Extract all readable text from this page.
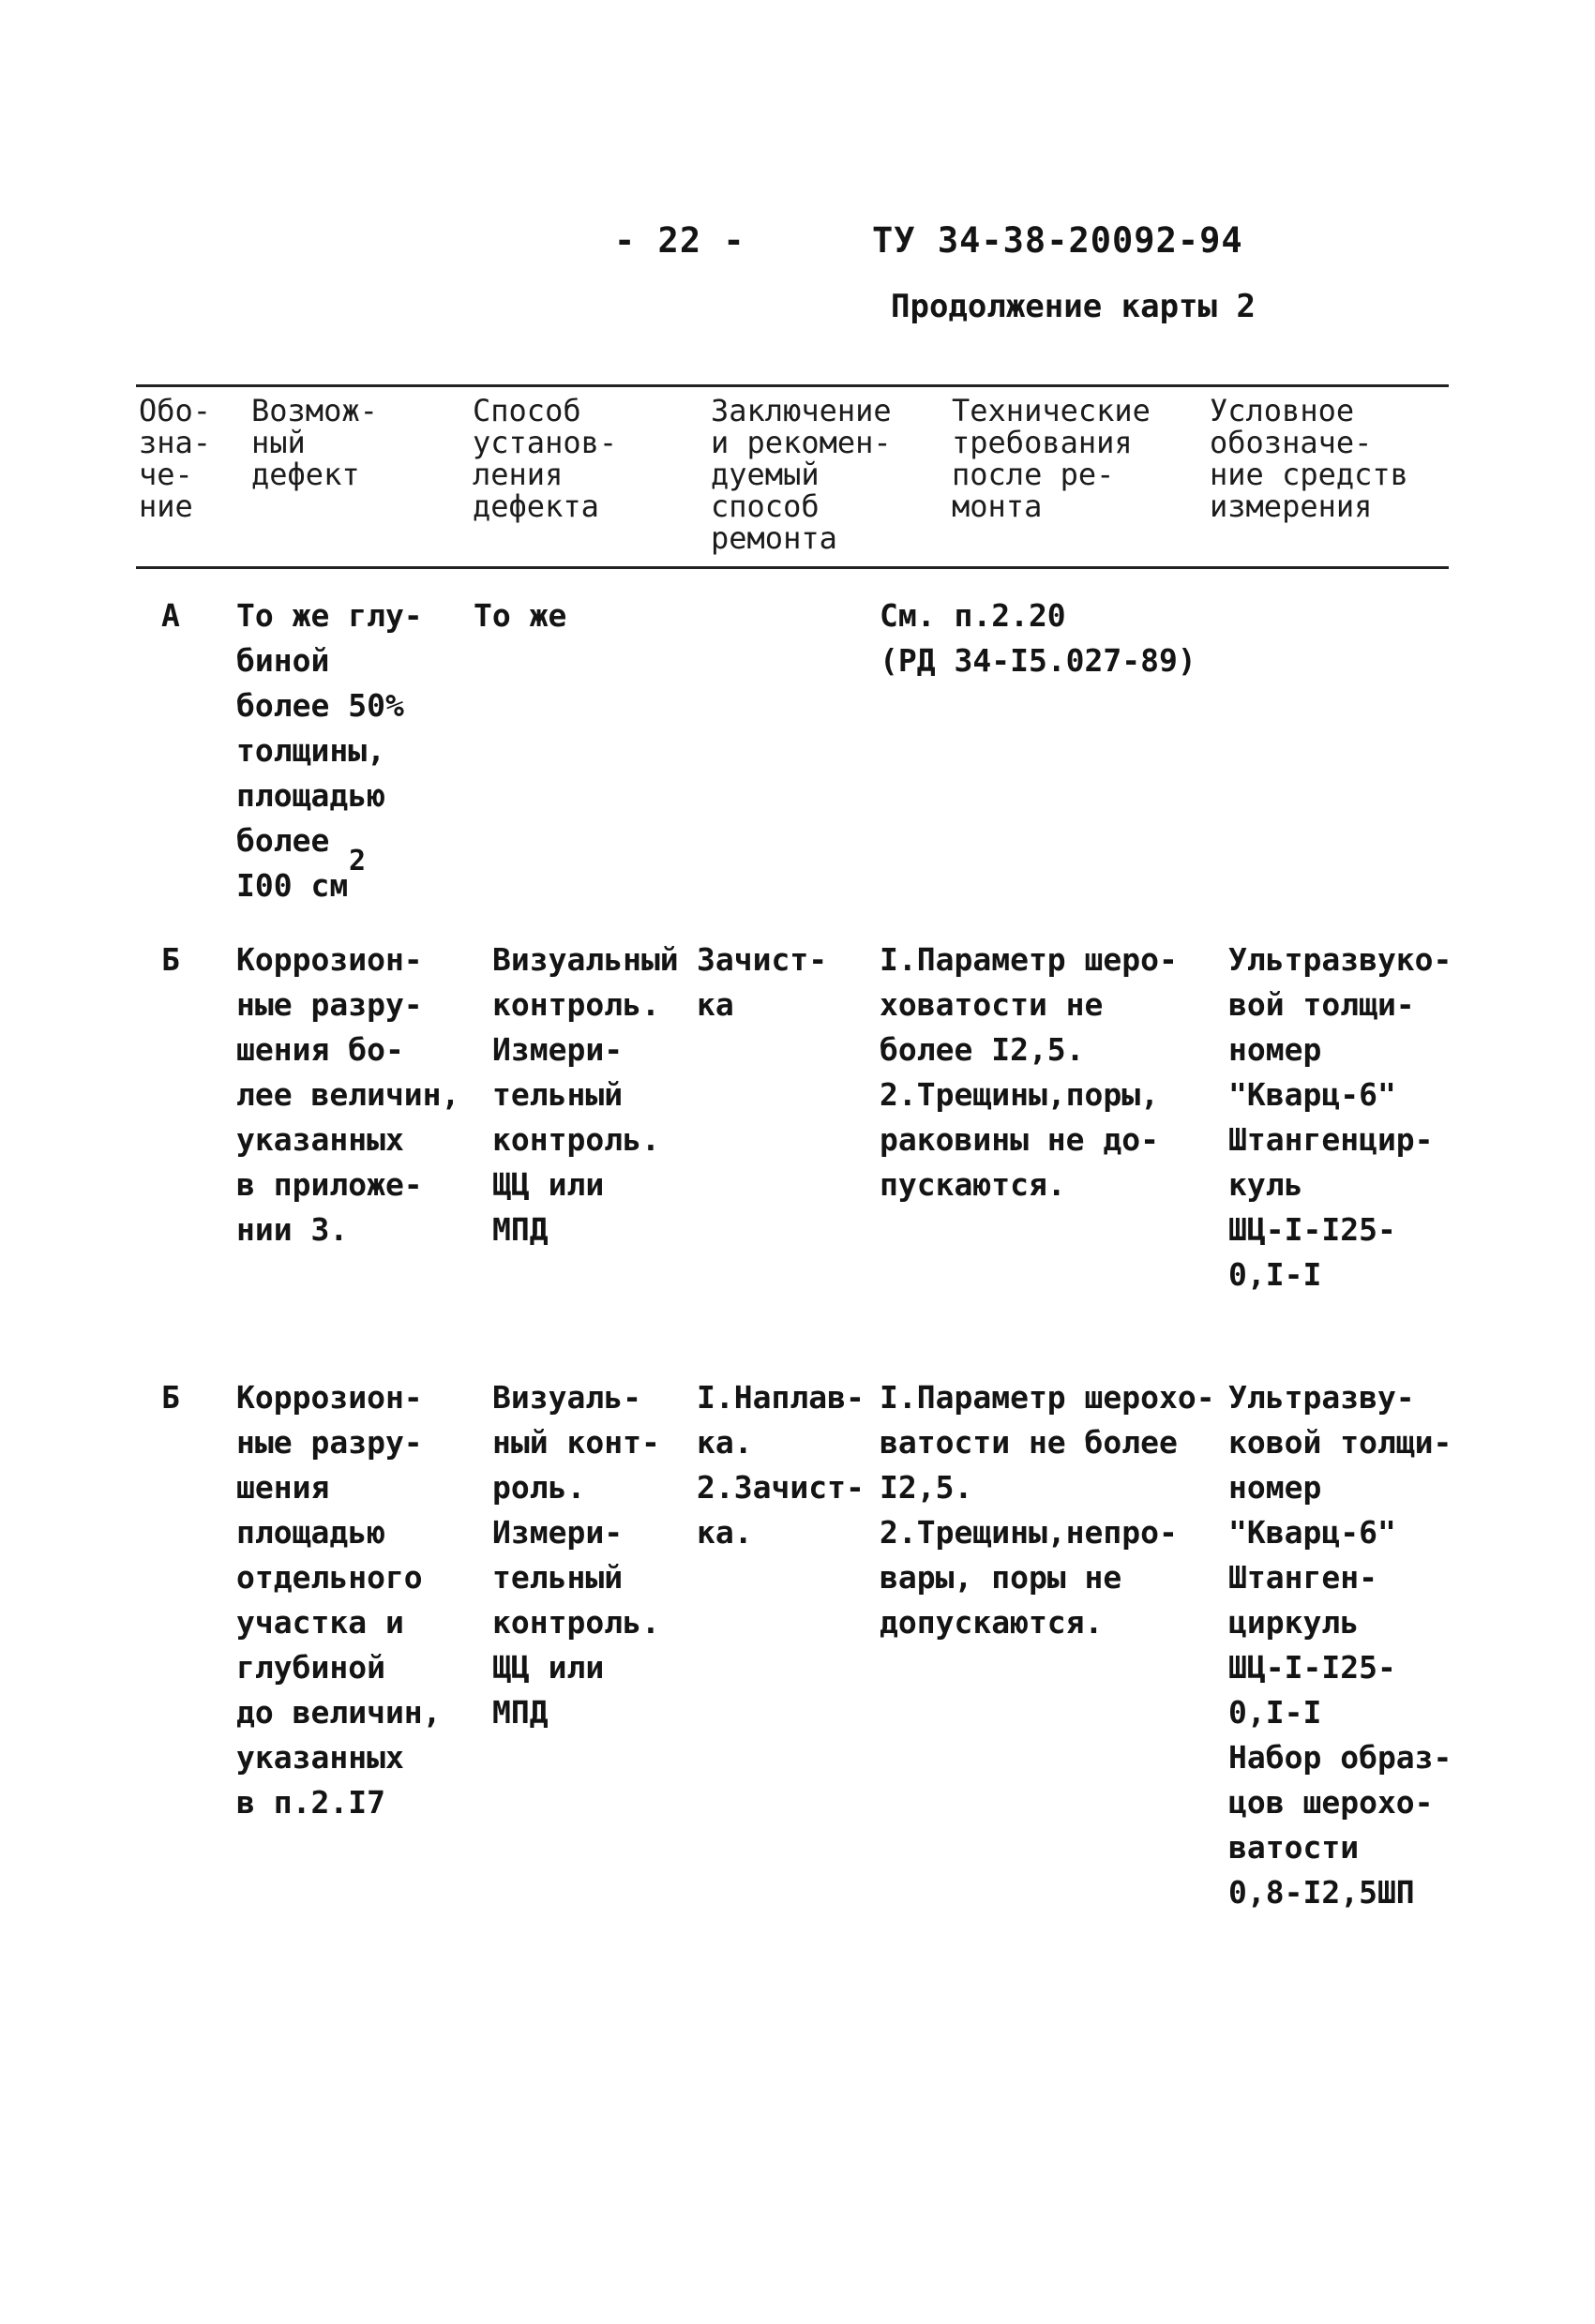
- 22 -	ТУ 34-38-20092-94
Продолжение карты 2
Обо-
зна-
че-
ние
Возмож-
ный
дефект
Способ
установ-
ления
дефекта
Заключение
и рекомен-
дуемый
способ
ремонта
Технические
требования
после ре-
монта
Условное
обозначе-
ние средств
измерения
А То же глу-
биной
более 50%
толщины,
площадью
более
I00 см
2
То же	См. п.2.20
(РД 34-I5.027-89)
Б Коррозион-
ные разру-
шения бо-
лее величин,
указанных
в приложе-
нии 3.
Визуальный
контроль.
Измери-
тельный
контроль.
ЩЦ или
МПД
Зачист-
ка
I.Параметр шеро-
ховатости не
более I2,5.
2.Трещины,поры,
раковины не до-
пускаются.
Ультразвуко-
вой толщи-
номер
"Кварц-6"
Штангенцир-
куль
ШЦ-I-I25-
0,I-I
Б Коррозион-
ные разру-
шения
площадью
отдельного
участка и
глубиной
до величин,
указанных
в п.2.I7
Визуаль-
ный конт-
роль.
Измери-
тельный
контроль.
ЩЦ или
МПД
I.Наплав-
ка.
2.Зачист-
ка.
I.Параметр шерохо-
ватости не более
I2,5.
2.Трещины,непро-
вары, поры не
допускаются.
Ультразву-
ковой толщи-
номер
"Кварц-6"
Штанген-
циркуль
ШЦ-I-I25-
0,I-I
Набор образ-
цов шерохо-
ватости
0,8-I2,5ШП
